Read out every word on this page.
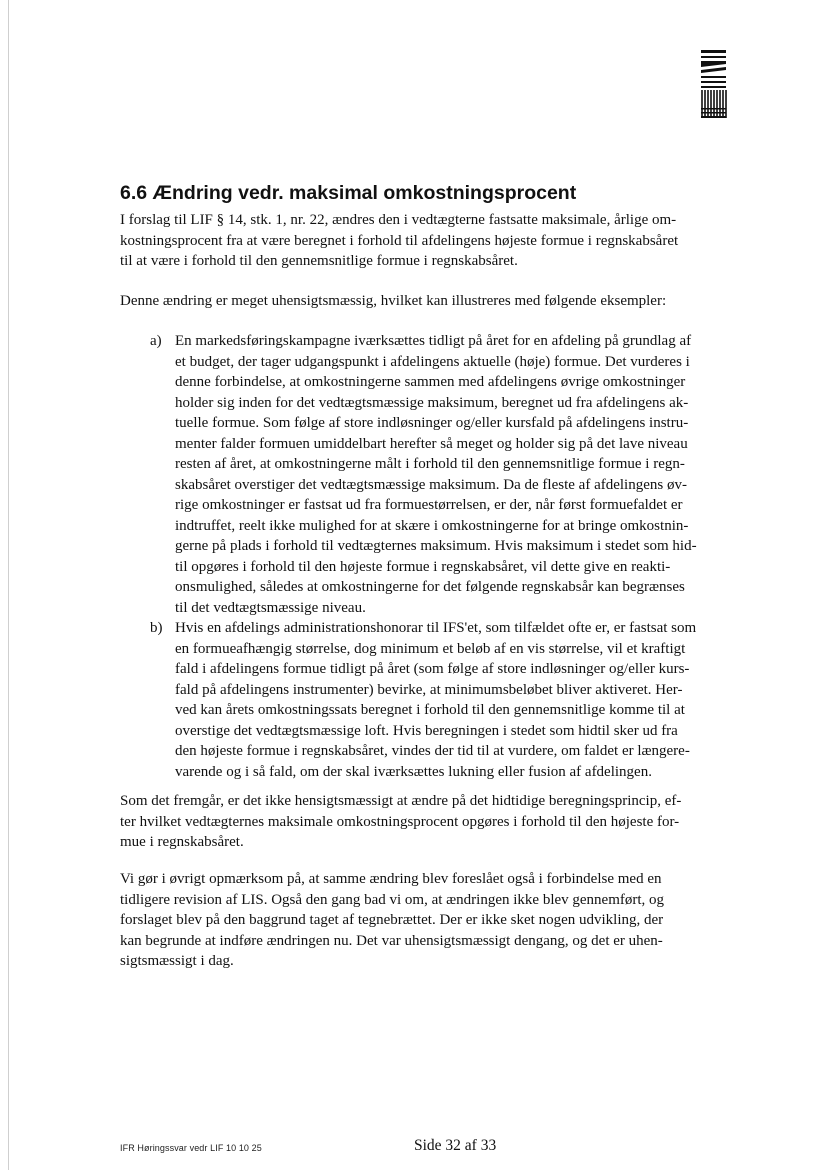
6.6 Ændring vedr. maksimal omkostningsprocent

I forslag til LIF § 14, stk. 1, nr. 22, ændres den i vedtægterne fastsatte maksimale, årlige om-
kostningsprocent fra at være beregnet i forhold til afdelingens højeste formue i regnskabsåret
til at være i forhold til den gennemsnitlige formue i regnskabsåret.

Denne ændring er meget uhensigtsmæssig, hvilket kan illustreres med følgende eksempler:

a) En markedsføringskampagne iværksættes tidligt på året for en afdeling på grundlag af
et budget, der tager udgangspunkt i afdelingens aktuelle (høje) formue. Det vurderes i
denne forbindelse, at omkostningerne sammen med afdelingens øvrige omkostninger
holder sig inden for det vedtægtsmæssige maksimum, beregnet ud fra afdelingens ak-
tuelle formue. Som følge af store indløsninger og/eller kursfald på afdelingens instru-
menter falder formuen umiddelbart herefter så meget og holder sig på det lave niveau
resten af året, at omkostningerne målt i forhold til den gennemsnitlige formue i regn-
skabsåret overstiger det vedtægtsmæssige maksimum. Da de fleste af afdelingens øv-
rige omkostninger er fastsat ud fra formuestørrelsen, er der, når først formuefaldet er
indtruffet, reelt ikke mulighed for at skære i omkostningerne for at bringe omkostnin-
gerne på plads i forhold til vedtægternes maksimum. Hvis maksimum i stedet som hid-
til opgøres i forhold til den højeste formue i regnskabsåret, vil dette give en reakti-
onsmulighed, således at omkostningerne for det følgende regnskabsår kan begrænses
til det vedtægtsmæssige niveau.

b) Hvis en afdelings administrationshonorar til IFS'et, som tilfældet ofte er, er fastsat som
en formueafhængig størrelse, dog minimum et beløb af en vis størrelse, vil et kraftigt
fald i afdelingens formue tidligt på året (som følge af store indløsninger og/eller kurs-
fald på afdelingens instrumenter) bevirke, at minimumsbeløbet bliver aktiveret. Her-
ved kan årets omkostningssats beregnet i forhold til den gennemsnitlige komme til at
overstige det vedtægtsmæssige loft. Hvis beregningen i stedet som hidtil sker ud fra
den højeste formue i regnskabsåret, vindes der tid til at vurdere, om faldet er længere-
varende og i så fald, om der skal iværksættes lukning eller fusion af afdelingen.

Som det fremgår, er det ikke hensigtsmæssigt at ændre på det hidtidige beregningsprincip, ef-
ter hvilket vedtægternes maksimale omkostningsprocent opgøres i forhold til den højeste for-
mue i regnskabsåret.

Vi gør i øvrigt opmærksom på, at samme ændring blev foreslået også i forbindelse med en
tidligere revision af LIS. Også den gang bad vi om, at ændringen ikke blev gennemført, og
forslaget blev på den baggrund taget af tegnebrættet. Der er ikke sket nogen udvikling, der
kan begrunde at indføre ændringen nu. Det var uhensigtsmæssigt dengang, og det er uhen-
sigtsmæssigt i dag.

IFR Høringssvar vedr LIF 10 10 25	Side 32 af 33
